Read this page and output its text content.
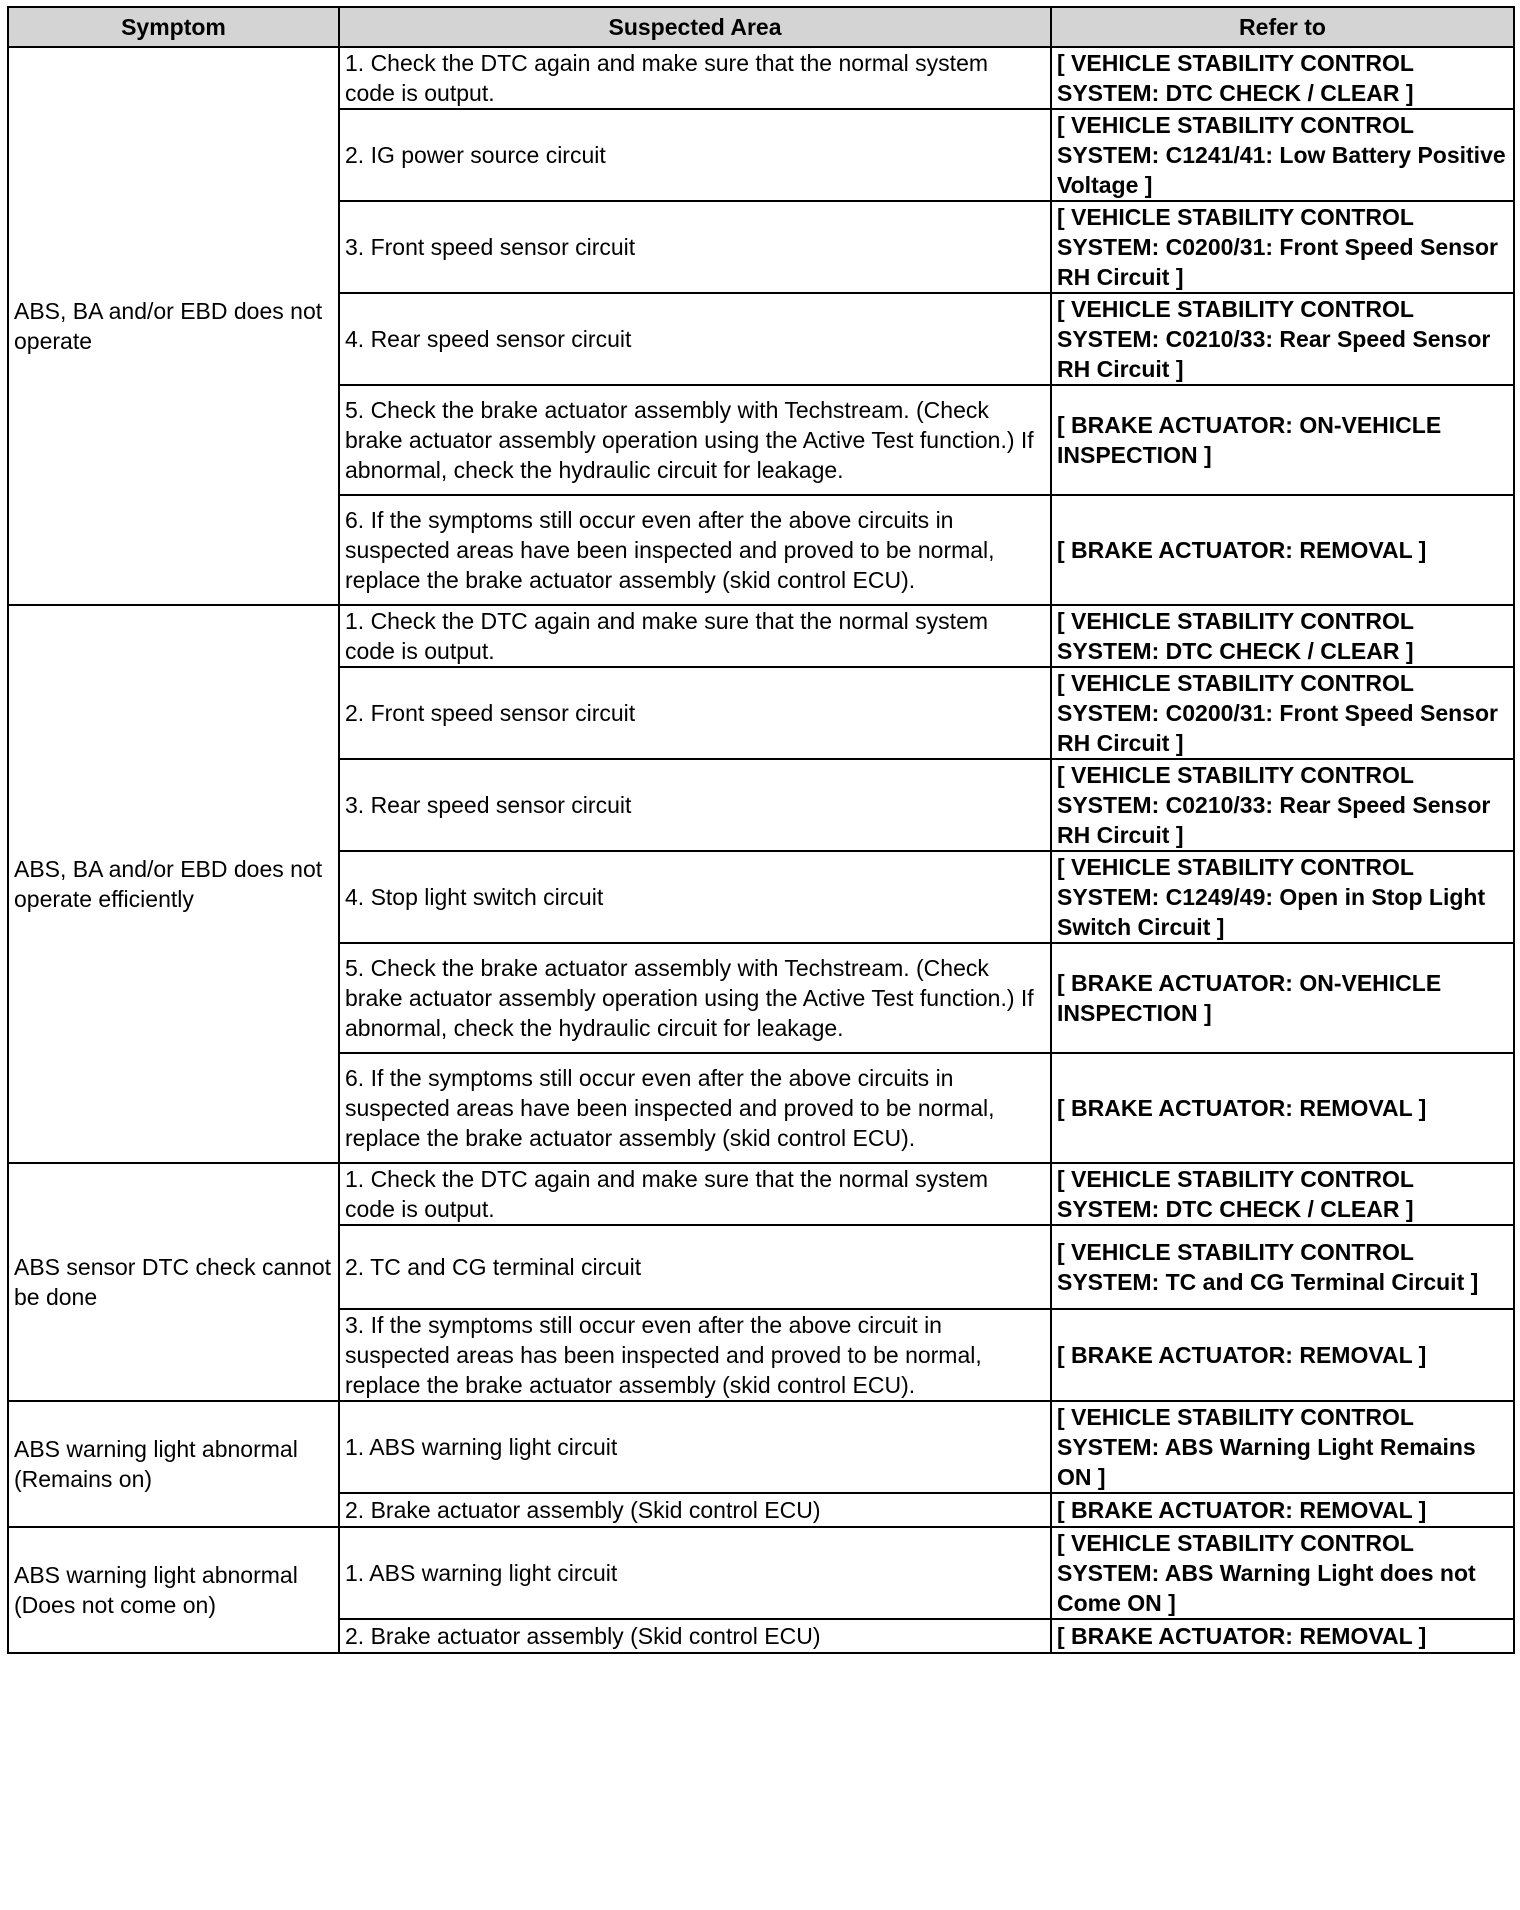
Symptom	Suspected Area	Refer to
ABS, BA and/or EBD does not operate	1. Check the DTC again and make sure that the normal system code is output.	[ VEHICLE STABILITY CONTROL SYSTEM: DTC CHECK / CLEAR ]
	2. IG power source circuit	[ VEHICLE STABILITY CONTROL SYSTEM: C1241/41: Low Battery Positive Voltage ]
	3. Front speed sensor circuit	[ VEHICLE STABILITY CONTROL SYSTEM: C0200/31: Front Speed Sensor RH Circuit ]
	4. Rear speed sensor circuit	[ VEHICLE STABILITY CONTROL SYSTEM: C0210/33: Rear Speed Sensor RH Circuit ]
	5. Check the brake actuator assembly with Techstream. (Check brake actuator assembly operation using the Active Test function.) If abnormal, check the hydraulic circuit for leakage.	[ BRAKE ACTUATOR: ON-VEHICLE INSPECTION ]
	6. If the symptoms still occur even after the above circuits in suspected areas have been inspected and proved to be normal, replace the brake actuator assembly (skid control ECU).	[ BRAKE ACTUATOR: REMOVAL ]
ABS, BA and/or EBD does not operate efficiently	1. Check the DTC again and make sure that the normal system code is output.	[ VEHICLE STABILITY CONTROL SYSTEM: DTC CHECK / CLEAR ]
	2. Front speed sensor circuit	[ VEHICLE STABILITY CONTROL SYSTEM: C0200/31: Front Speed Sensor RH Circuit ]
	3. Rear speed sensor circuit	[ VEHICLE STABILITY CONTROL SYSTEM: C0210/33: Rear Speed Sensor RH Circuit ]
	4. Stop light switch circuit	[ VEHICLE STABILITY CONTROL SYSTEM: C1249/49: Open in Stop Light Switch Circuit ]
	5. Check the brake actuator assembly with Techstream. (Check brake actuator assembly operation using the Active Test function.) If abnormal, check the hydraulic circuit for leakage.	[ BRAKE ACTUATOR: ON-VEHICLE INSPECTION ]
	6. If the symptoms still occur even after the above circuits in suspected areas have been inspected and proved to be normal, replace the brake actuator assembly (skid control ECU).	[ BRAKE ACTUATOR: REMOVAL ]
ABS sensor DTC check cannot be done	1. Check the DTC again and make sure that the normal system code is output.	[ VEHICLE STABILITY CONTROL SYSTEM: DTC CHECK / CLEAR ]
	2. TC and CG terminal circuit	[ VEHICLE STABILITY CONTROL SYSTEM: TC and CG Terminal Circuit ]
	3. If the symptoms still occur even after the above circuit in suspected areas has been inspected and proved to be normal, replace the brake actuator assembly (skid control ECU).	[ BRAKE ACTUATOR: REMOVAL ]
ABS warning light abnormal (Remains on)	1. ABS warning light circuit	[ VEHICLE STABILITY CONTROL SYSTEM: ABS Warning Light Remains ON ]
	2. Brake actuator assembly (Skid control ECU)	[ BRAKE ACTUATOR: REMOVAL ]
ABS warning light abnormal (Does not come on)	1. ABS warning light circuit	[ VEHICLE STABILITY CONTROL SYSTEM: ABS Warning Light does not Come ON ]
	2. Brake actuator assembly (Skid control ECU)	[ BRAKE ACTUATOR: REMOVAL ]
